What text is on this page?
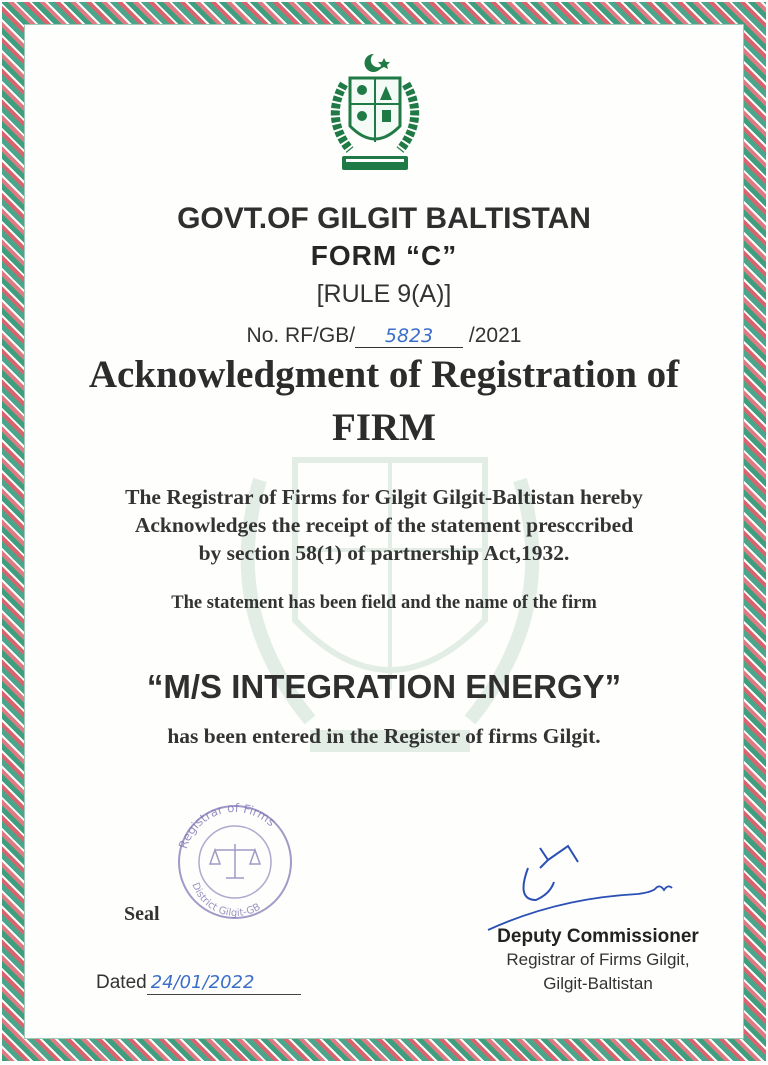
GOVT.OF GILGIT BALTISTAN
FORM “C”
[RULE 9(A)]
No. RF/GB/ 5823 /2021
Acknowledgment of Registration of
FIRM
The Registrar of Firms for Gilgit Gilgit-Baltistan hereby
Acknowledges the receipt of the statement presccribed
by section 58(1) of partnership Act,1932.
The statement has been field and the name of the firm
“M/S INTEGRATION ENERGY”
has been entered in the Register of firms Gilgit.
Registrar of Firms
District Gilgit-GB
Seal
Dated 24/01/2022
Deputy Commissioner
Registrar of Firms Gilgit,
Gilgit-Baltistan
